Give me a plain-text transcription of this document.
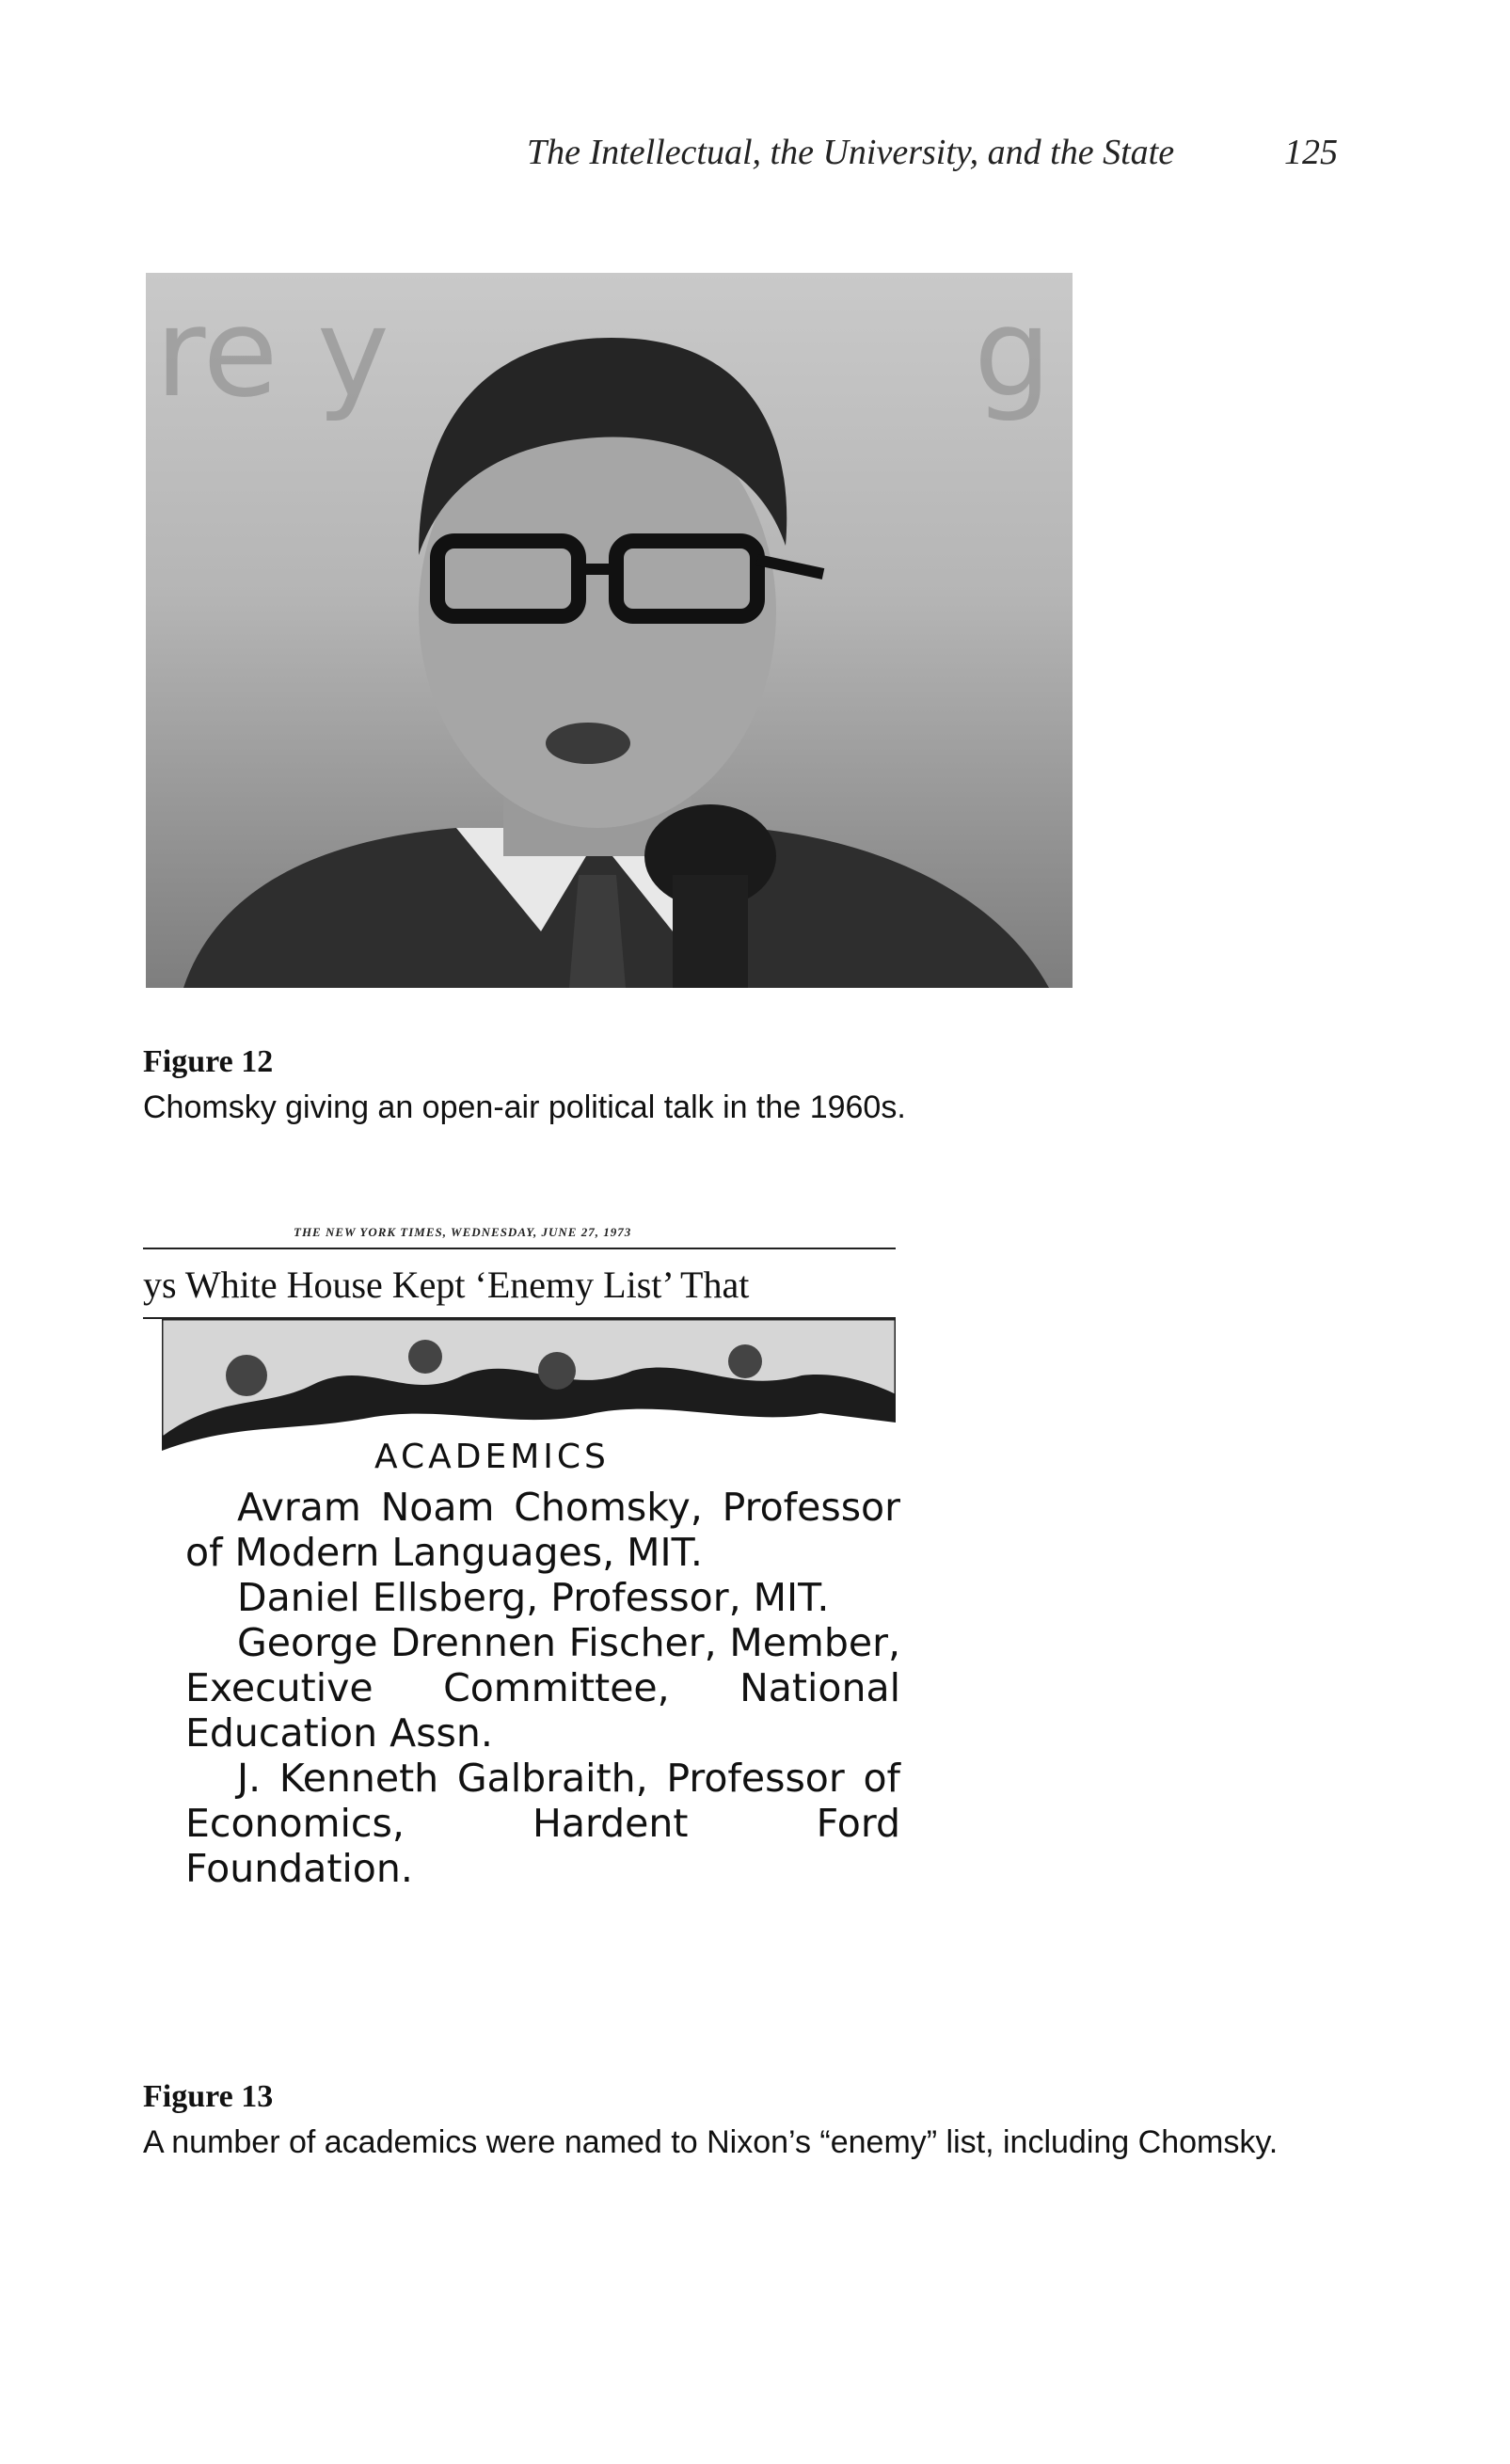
The Intellectual, the University, and the State	125
re y	g
Figure 12
Chomsky giving an open-air political talk in the 1960s.
THE NEW YORK TIMES, WEDNESDAY, JUNE 27, 1973
ys White House Kept ‘Enemy List’ That
ACADEMICS

Avram Noam Chomsky, Professor of Modern Languages, MIT.

Daniel Ellsberg, Professor, MIT.

George Drennen Fischer, Member, Executive Committee, National Education Assn.

J. Kenneth Galbraith, Professor of Economics, Hardent Ford Foundation.

Figure 13
A number of academics were named to Nixon’s “enemy” list, including Chomsky.
